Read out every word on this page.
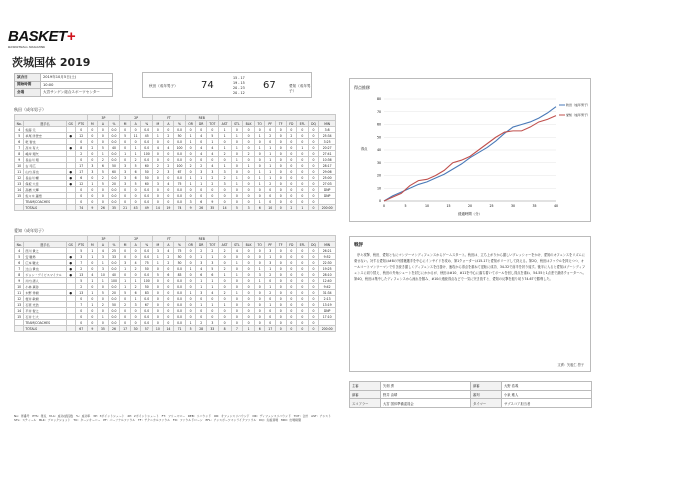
BASKET+
BASKETBALL MAGAZINE
茨城国体 2019
試合日	2019年10月5日(土)
開始時間	10:00
会場	大宮サンゲン総合スポーツセンター
秋田（成年男子） 74
15 - 17
19 - 15
20 - 23
20 - 12
67	愛知（成年男子）
秋田（成年男子）
				3P			2P			FT			REB												
No.	選手名	GS	PTS	M	A	%	M	A	%	M	A	%	OR	DR	TOT	AST	STL	BLK	TO	PF	TF	FD	EFL	DQ	MIN
4	佐藤 元		0	0	0	0.0	0	0	0.0	0	0	0.0	0	0	0	1	0	0	0	0	0	0	0	0	3:8
5	卓尾 洋登史	●	12	0	0	0.0	5	11	45	1	2	50	1	4	5	1	1	0	1	2	0	2	0	0	25:34
6	乾 智也		0	0	0	0.0	0	0	0.0	0	0	0.0	1	0	1	0	0	0	0	0	0	0	0	0	3:25
7	髙木 有大	●	8	2	5	40	0	1	0.0	4	4	100	0	4	4	1	1	0	1	1	0	0	1	0	20:27
8	峰岸 翔矢		2	0	1	0.0	1	1	100	0	0	0.0	0	4	4	2	0	2	0	1	0	0	0	0	27:41
9	長谷川 翔		0	0	2	0.0	0	2	0.0	0	0	0.0	0	0	0	0	1	0	0	1	0	0	0	0	10:36
10	古 司広		17	3	6	50	3	5	60	2	2	100	2	2	4	1	0	1	0	1	0	0	0	0	28:17
11	山内 彦也	●	17	3	5	60	3	6	50	2	3	67	0	3	3	3	0	0	1	1	0	0	0	0	29:06
12	長谷川 暢	●	6	0	2	0.0	3	6	50	0	0	0.0	1	1	2	2	1	0	1	1	0	0	0	0	25:00
13	保坂 大佳	●	12	1	5	20	3	5	60	3	4	75	1	1	2	3	1	0	1	2	0	0	0	0	27:03
14	高橋 大輝		0	0	0	0.0	0	0	0.0	0	0	0.0	0	0	0	0	0	0	0	0	0	0	0	0	DNP
15	佐々木 蓮悟		0	0	0	0.0	0	0	0.0	0	0	0.0	0	0	0	0	0	0	0	0	0	0	0	0	DNP
	TEAM/COACHES		0	0	0	0.0	0	0	0.0	0	0	0.0	3	6	9	0	0	0	1	0	0	0	0	0	
	TOTALS		74	9	26	35	21	43	49	14	19	74	9	26	35	14	5	3	6	10	0	2	1	0	200:00
愛知（成年男子）
				3P			2P			FT			REB												
No.	選手名	GS	PTS	M	A	%	M	A	%	M	A	%	OR	DR	TOT	AST	STL	BLK	TO	PF	TF	FD	EFL	DQ	MIN
4	西川 貴之		5	1	4	25	0	0	0.0	3	4	75	0	2	2	2	4	0	0	3	0	0	0	0	26:21
5	安 駿昴	●	3	1	3	33	0	0	0.0	1	2	50	0	1	1	0	0	0	0	1	0	0	0	0	9:52
6	広本 駿太	●	7	0	1	0.0	3	4	75	1	2	50	0	3	3	0	1	0	0	3	0	0	0	0	22:30
7	辻山 貴也	●	2	0	3	0.0	1	2	50	0	0	0.0	1	4	5	2	0	0	1	1	0	0	0	0	19:25
8	ジョン・デイビスマイケル	●	13	4	10	40	0	0	0.0	5	6	83	0	6	6	1	1	0	3	2	0	0	0	0	28:10
9	川内 清人		5	1	1	100	1	1	100	0	0	0.0	0	1	1	0	0	0	1	0	0	0	0	0	12:40
10	小林 真弥		2	0	0	0.0	1	2	50	0	0	0.0	0	1	1	0	0	0	0	1	0	0	0	0	9:42
11	木野 秀樹	●	13	1	5	20	5	6	83	0	0	0.0	1	3	4	2	1	0	0	2	0	0	0	0	31:34
12	桜井 敏樹		0	0	0	0.0	0	1	0.0	0	0	0.0	0	0	0	0	0	0	0	0	0	0	0	0	2:13
13	石原 光浩		7	1	2	50	2	3	67	0	0	0.0	0	1	1	1	0	0	0	1	0	0	0	0	13:19
14	平井 智之		0	0	0	0.0	0	0	0.0	0	0	0.0	0	0	0	0	0	0	0	0	0	0	0	0	DNP
15	石井 仁大		0	0	1	0.0	0	0	0.0	0	0	0.0	0	0	0	0	0	0	0	0	0	0	0	0	17:10
	TEAM/COACHES		0	0	0	0.0	0	0	0.0	0	0	0.0	1	2	3	0	0	0	0	0	0	0	0	0	
	TOTALS		67	9	35	26	17	30	57	10	14	71	5	28	33	8	7	1	6	17	0	0	0	0	200:00
得点推移
0
10
20
30
40
50
60
70
80
0	5	10	15	20	25	30	35	40
経過時間（分）
得点
秋田（成年男子）
愛知（成年男子）
戦評
序々攻撃、秋田、愛知ともにマンツーマンディフェンスからゲームスタート。秋田は、立ち上がりから激しいプレッシャーをかけ、愛知のオフェンスをリズムに乗せない。対する愛知は#8の外国籍選手を中心にインサイドを攻め、第1クォーターは15-17と愛知がリードして終える。第2Q、秋田はファウルを抑えつつ、オールコートマンツーマンで引き続き激しくディフェンスを仕掛け、速攻から得点を重ねて逆転に成功、34-32で前半を折り返す。後半に入ると愛知はゾーンディフェンスに切り替え、秋田の外角シュートを封じにかかるが、秋田は#10、#11を中心に落ち着いてボールを回し得点を重ね、54-55と1点差で最終クォーターへ。第4Q、秋田は集中したディフェンスから流れを掴み、#10の連続得点などで一気に突き放すと、愛知の反撃を振り切り74-67で勝利した。
文責：矢板仁 啓子
主審	矢畑 勇	副審	大野 浩義
副審	野井 由晴	審判	小泉 雅人
スコアラー	大宮 国体準備委員会	タイマー	サブスコア担当者
No：背番号　PTS：得点　M-A：成功/試投数　%：成功率　3P：3ポイントシュート　2P：2ポイントシュート　FT：フリースロー　REB：リバウンド　OR：オフェンスリバウンド　DR：ディフェンスリバウンド　TOT：合計　AST：アシスト　STL：スティール　BLK：ブロックショット　TO：ターンオーバー　PF：パーソナルファウル　TF：テクニカルファウル　FD：ファウルドローン　EFL：アンスポーツマンライクファウル　DQ：失格退場　MIN：出場時間
